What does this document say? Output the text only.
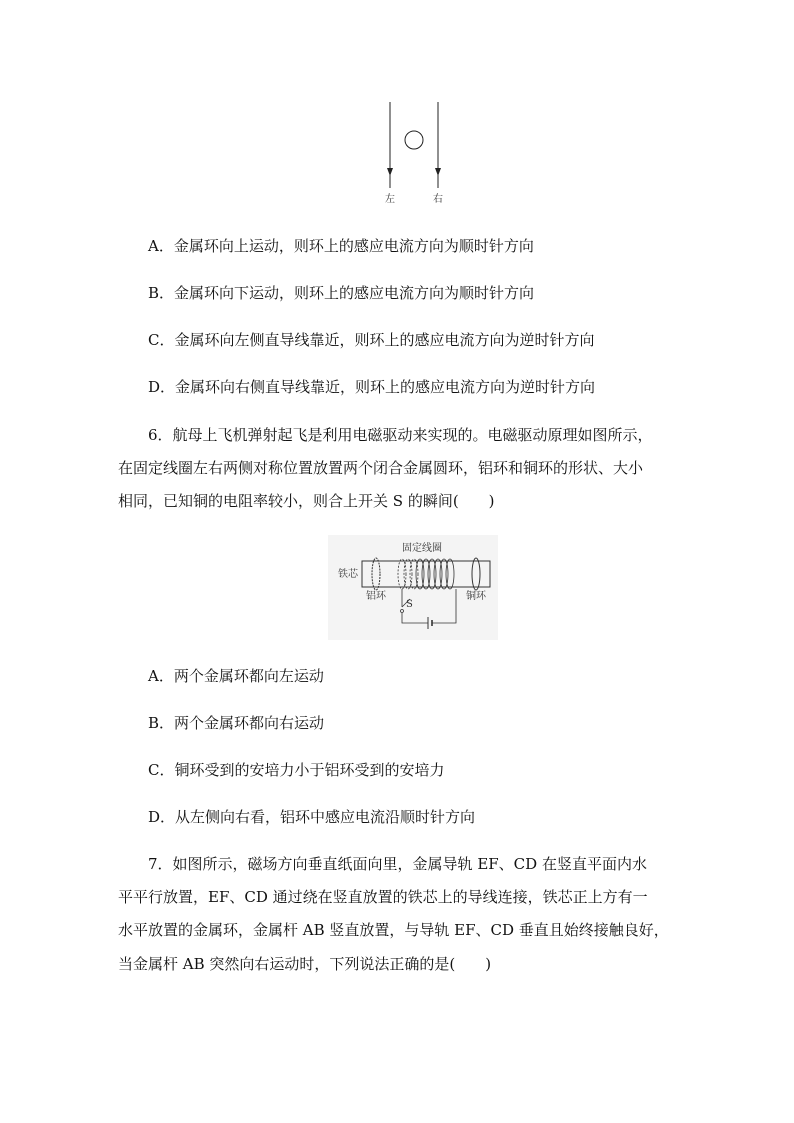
左	右
A．金属环向上运动，则环上的感应电流方向为顺时针方向
B．金属环向下运动，则环上的感应电流方向为顺时针方向
C．金属环向左侧直导线靠近，则环上的感应电流方向为逆时针方向
D．金属环向右侧直导线靠近，则环上的感应电流方向为逆时针方向
6．航母上飞机弹射起飞是利用电磁驱动来实现的。电磁驱动原理如图所示，
在固定线圈左右两侧对称位置放置两个闭合金属圆环，铝环和铜环的形状、大小
相同，已知铜的电阻率较小，则合上开关 S 的瞬间(　　)
固定线圈
铁芯
S
铝环	铜环
A．两个金属环都向左运动
B．两个金属环都向右运动
C．铜环受到的安培力小于铝环受到的安培力
D．从左侧向右看，铝环中感应电流沿顺时针方向
7．如图所示，磁场方向垂直纸面向里，金属导轨 EF、CD 在竖直平面内水
平平行放置，EF、CD 通过绕在竖直放置的铁芯上的导线连接，铁芯正上方有一
水平放置的金属环，金属杆 AB 竖直放置，与导轨 EF、CD 垂直且始终接触良好，
当金属杆 AB 突然向右运动时，下列说法正确的是(　　)
